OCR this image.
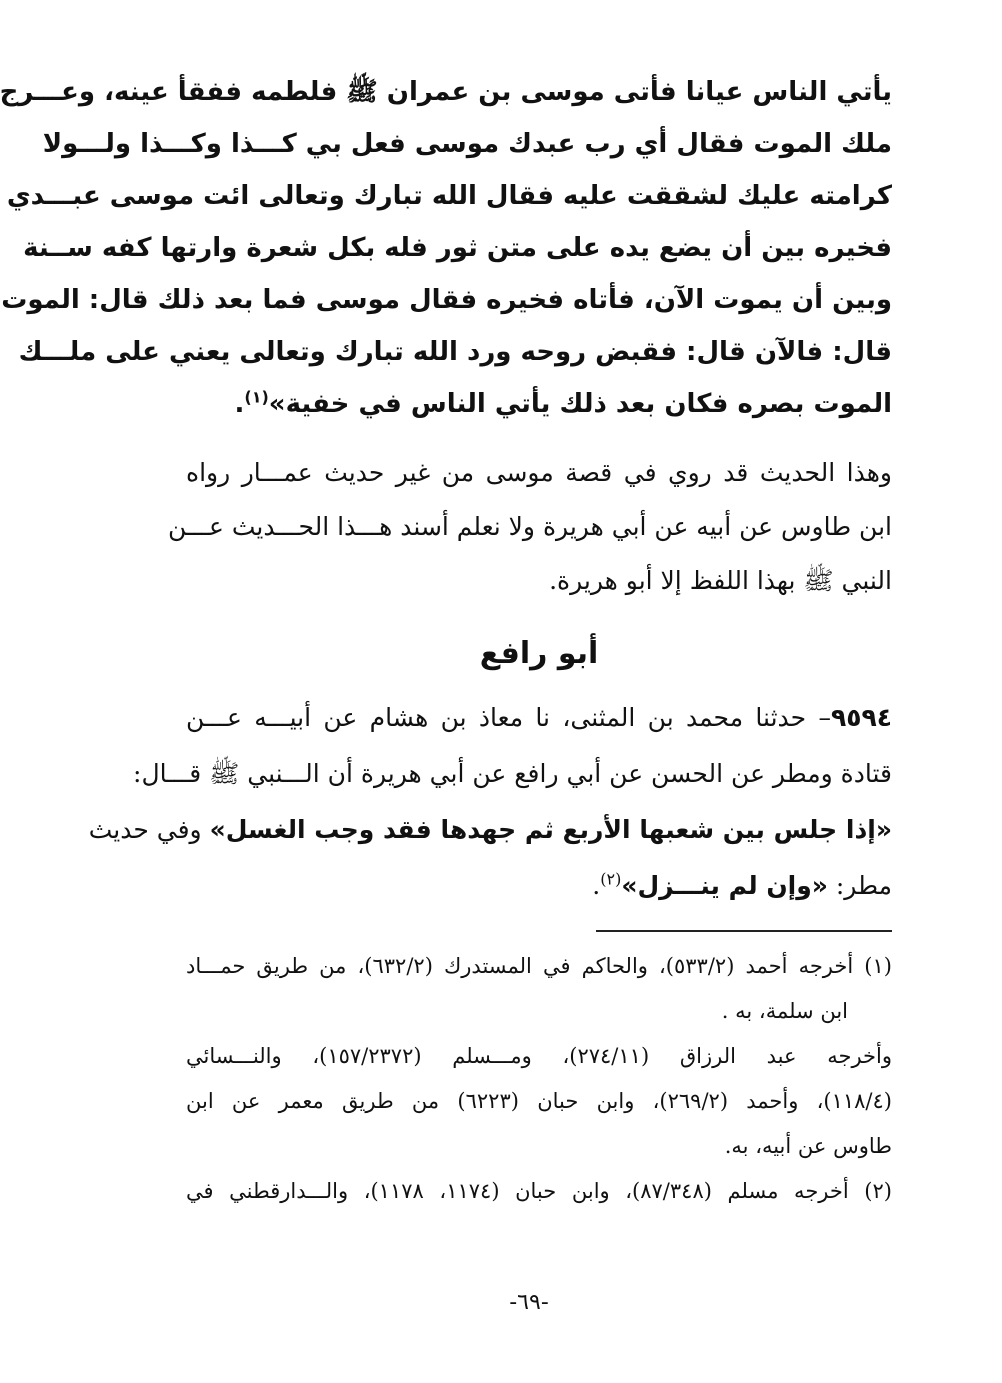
يأتي الناس عيانا فأتى موسى بن عمران ﷺ فلطمه ففقأ عينه، وعـــرج
ملك الموت فقال أي رب عبدك موسى فعل بي كـــذا وكـــذا ولـــولا
كرامته عليك لشققت عليه فقال الله تبارك وتعالى ائت موسى عبـــدي
فخيره بين أن يضع يده على متن ثور فله بكل شعرة وارتها كفه ســنة
وبين أن يموت الآن، فأتاه فخيره فقال موسى فما بعد ذلك قال: الموت
قال: فالآن قال: فقبض روحه ورد الله تبارك وتعالى يعني على ملـــك
الموت بصره فكان بعد ذلك يأتي الناس في خفية»$^{(١)}$.
وهذا الحديث قد روي في قصة موسى من غير حديث عمـــار رواه
ابن طاوس عن أبيه عن أبي هريرة ولا نعلم أسند هـــذا الحـــديث عـــن
النبي ﷺ بهذا اللفظ إلا أبو هريرة.
أبو رافع
٩٥٩٤– حدثنا محمد بن المثنى، نا معاذ بن هشام عن أبيـــه عـــن
قتادة ومطر عن الحسن عن أبي رافع عن أبي هريرة أن الـــنبي ﷺ قـــال:
«إذا جلس بين شعبها الأربع ثم جهدها فقد وجب الغسل» وفي حديث
مطر: «وإن لم ينـــزل»$^{(٢)}$.
(١) أخرجه أحمد (٥٣٣/٢)، والحاكم في المستدرك (٦٣٢/٢)، من طريق حمـــاد
ابن سلمة، به .
وأخرجه عبد الرزاق (٢٧٤/١١)، ومـــسلم (١٥٧/٢٣٧٢)، والنـــسائي
(١١٨/٤)، وأحمد (٢٦٩/٢)، وابن حبان (٦٢٢٣) من طريق معمر عن ابن
طاوس عن أبيه، به.
(٢) أخرجه مسلم (٨٧/٣٤٨)، وابن حبان (١١٧٤، ١١٧٨)، والـــدارقطني في
-٦٩-
